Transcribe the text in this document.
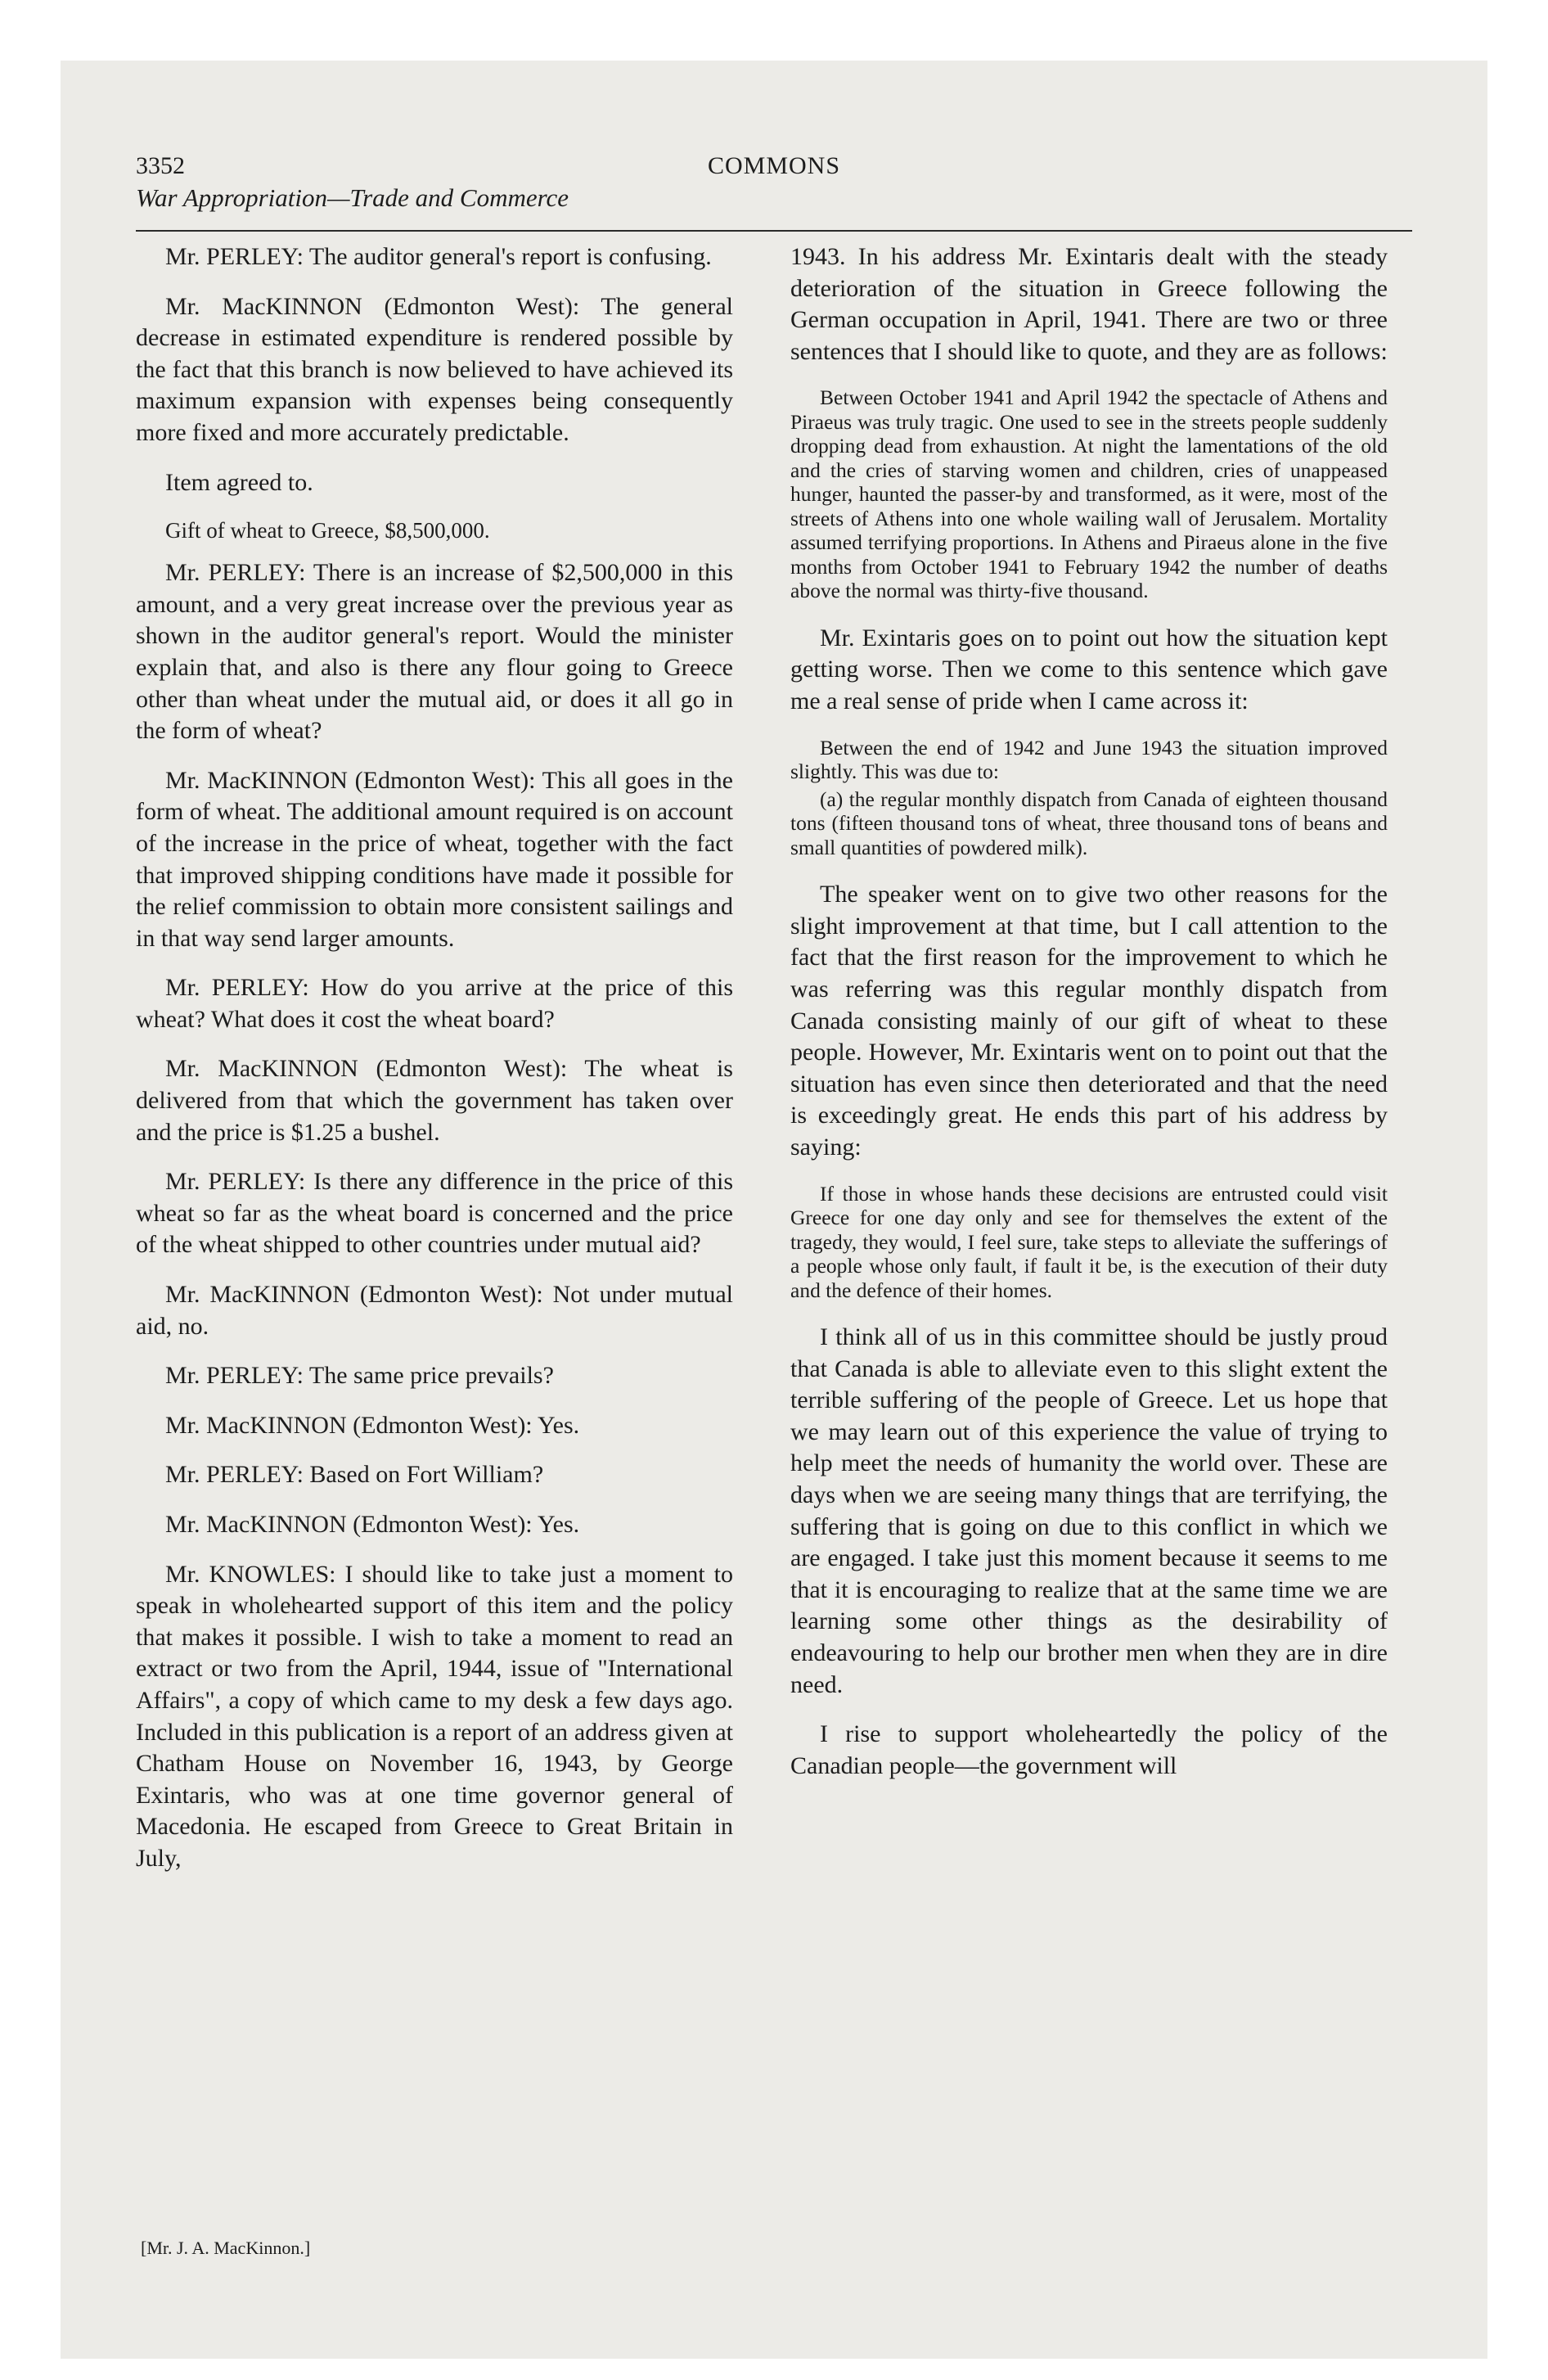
3352	COMMONS
War Appropriation—Trade and Commerce

Mr. PERLEY: The auditor general's report is confusing.

Mr. MacKINNON (Edmonton West): The general decrease in estimated expenditure is rendered possible by the fact that this branch is now believed to have achieved its maximum expansion with expenses being consequently more fixed and more accurately predictable.

Item agreed to.

Gift of wheat to Greece, $8,500,000.

Mr. PERLEY: There is an increase of $2,500,000 in this amount, and a very great increase over the previous year as shown in the auditor general's report. Would the minister explain that, and also is there any flour going to Greece other than wheat under the mutual aid, or does it all go in the form of wheat?

Mr. MacKINNON (Edmonton West): This all goes in the form of wheat. The additional amount required is on account of the increase in the price of wheat, together with the fact that improved shipping conditions have made it possible for the relief commission to obtain more consistent sailings and in that way send larger amounts.

Mr. PERLEY: How do you arrive at the price of this wheat? What does it cost the wheat board?

Mr. MacKINNON (Edmonton West): The wheat is delivered from that which the government has taken over and the price is $1.25 a bushel.

Mr. PERLEY: Is there any difference in the price of this wheat so far as the wheat board is concerned and the price of the wheat shipped to other countries under mutual aid?

Mr. MacKINNON (Edmonton West): Not under mutual aid, no.

Mr. PERLEY: The same price prevails?

Mr. MacKINNON (Edmonton West): Yes.

Mr. PERLEY: Based on Fort William?

Mr. MacKINNON (Edmonton West): Yes.

Mr. KNOWLES: I should like to take just a moment to speak in wholehearted support of this item and the policy that makes it possible. I wish to take a moment to read an extract or two from the April, 1944, issue of "International Affairs", a copy of which came to my desk a few days ago. Included in this publication is a report of an address given at Chatham House on November 16, 1943, by George Exintaris, who was at one time governor general of Macedonia. He escaped from Greece to Great Britain in July,

1943. In his address Mr. Exintaris dealt with the steady deterioration of the situation in Greece following the German occupation in April, 1941. There are two or three sentences that I should like to quote, and they are as follows:

Between October 1941 and April 1942 the spectacle of Athens and Piraeus was truly tragic. One used to see in the streets people suddenly dropping dead from exhaustion. At night the lamentations of the old and the cries of starving women and children, cries of unappeased hunger, haunted the passer-by and transformed, as it were, most of the streets of Athens into one whole wailing wall of Jerusalem. Mortality assumed terrifying proportions. In Athens and Piraeus alone in the five months from October 1941 to February 1942 the number of deaths above the normal was thirty-five thousand.

Mr. Exintaris goes on to point out how the situation kept getting worse. Then we come to this sentence which gave me a real sense of pride when I came across it:

Between the end of 1942 and June 1943 the situation improved slightly. This was due to:

(a) the regular monthly dispatch from Canada of eighteen thousand tons (fifteen thousand tons of wheat, three thousand tons of beans and small quantities of powdered milk).

The speaker went on to give two other reasons for the slight improvement at that time, but I call attention to the fact that the first reason for the improvement to which he was referring was this regular monthly dispatch from Canada consisting mainly of our gift of wheat to these people. However, Mr. Exintaris went on to point out that the situation has even since then deteriorated and that the need is exceedingly great. He ends this part of his address by saying:

If those in whose hands these decisions are entrusted could visit Greece for one day only and see for themselves the extent of the tragedy, they would, I feel sure, take steps to alleviate the sufferings of a people whose only fault, if fault it be, is the execution of their duty and the defence of their homes.

I think all of us in this committee should be justly proud that Canada is able to alleviate even to this slight extent the terrible suffering of the people of Greece. Let us hope that we may learn out of this experience the value of trying to help meet the needs of humanity the world over. These are days when we are seeing many things that are terrifying, the suffering that is going on due to this conflict in which we are engaged. I take just this moment because it seems to me that it is encouraging to realize that at the same time we are learning some other things as the desirability of endeavouring to help our brother men when they are in dire need.

I rise to support wholeheartedly the policy of the Canadian people—the government will

[Mr. J. A. MacKinnon.]
